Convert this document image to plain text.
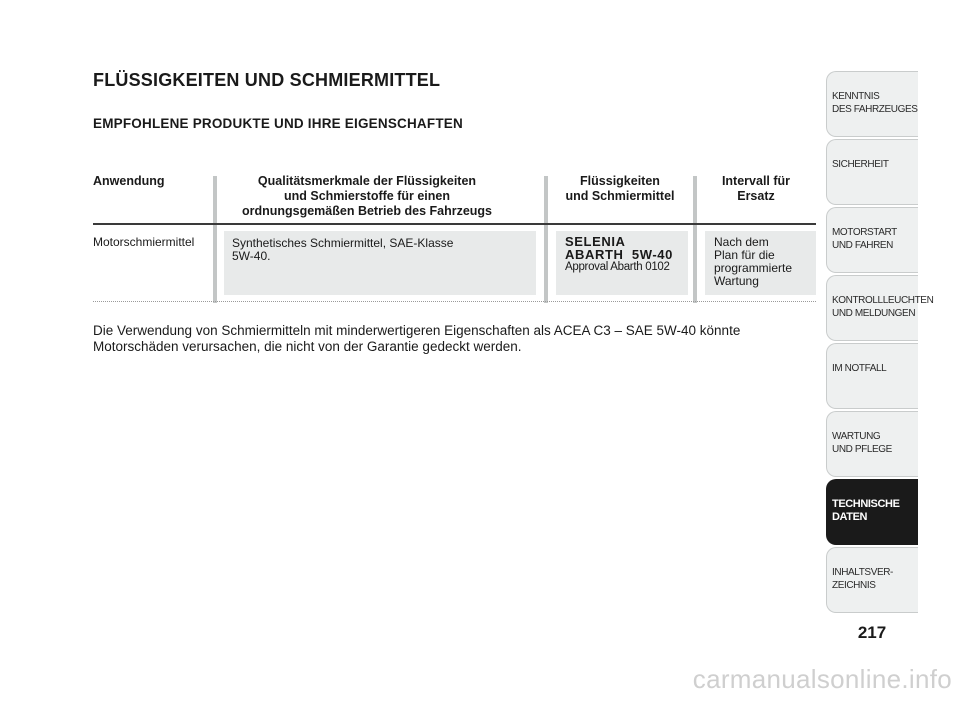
FLÜSSIGKEITEN UND SCHMIERMITTEL
EMPFOHLENE PRODUKTE UND IHRE EIGENSCHAFTEN
Anwendung	Qualitätsmerkmale der Flüssigkeiten
und Schmierstoffe für einen
ordnungsgemäßen Betrieb des Fahrzeugs
Flüssigkeiten
und Schmiermittel
Intervall für
Ersatz
Motorschmiermittel	Synthetisches Schmiermittel, SAE-Klasse
5W-40.
SELENIA
ABARTH  5W-40
Approval Abarth 0102
Nach dem
Plan für die
programmierte
Wartung
Die Verwendung von Schmiermitteln mit minderwertigeren Eigenschaften als ACEA C3 – SAE 5W-40 könnte Motorschäden verursachen, die nicht von der Garantie gedeckt werden.
KENNTNIS
DES FAHRZEUGES
SICHERHEIT
MOTORSTART
UND FAHREN
KONTROLLLEUCHTEN
UND MELDUNGEN
IM NOTFALL
WARTUNG
UND PFLEGE
TECHNISCHE
DATEN
INHALTSVER-
ZEICHNIS
217
carmanualsonline.info
